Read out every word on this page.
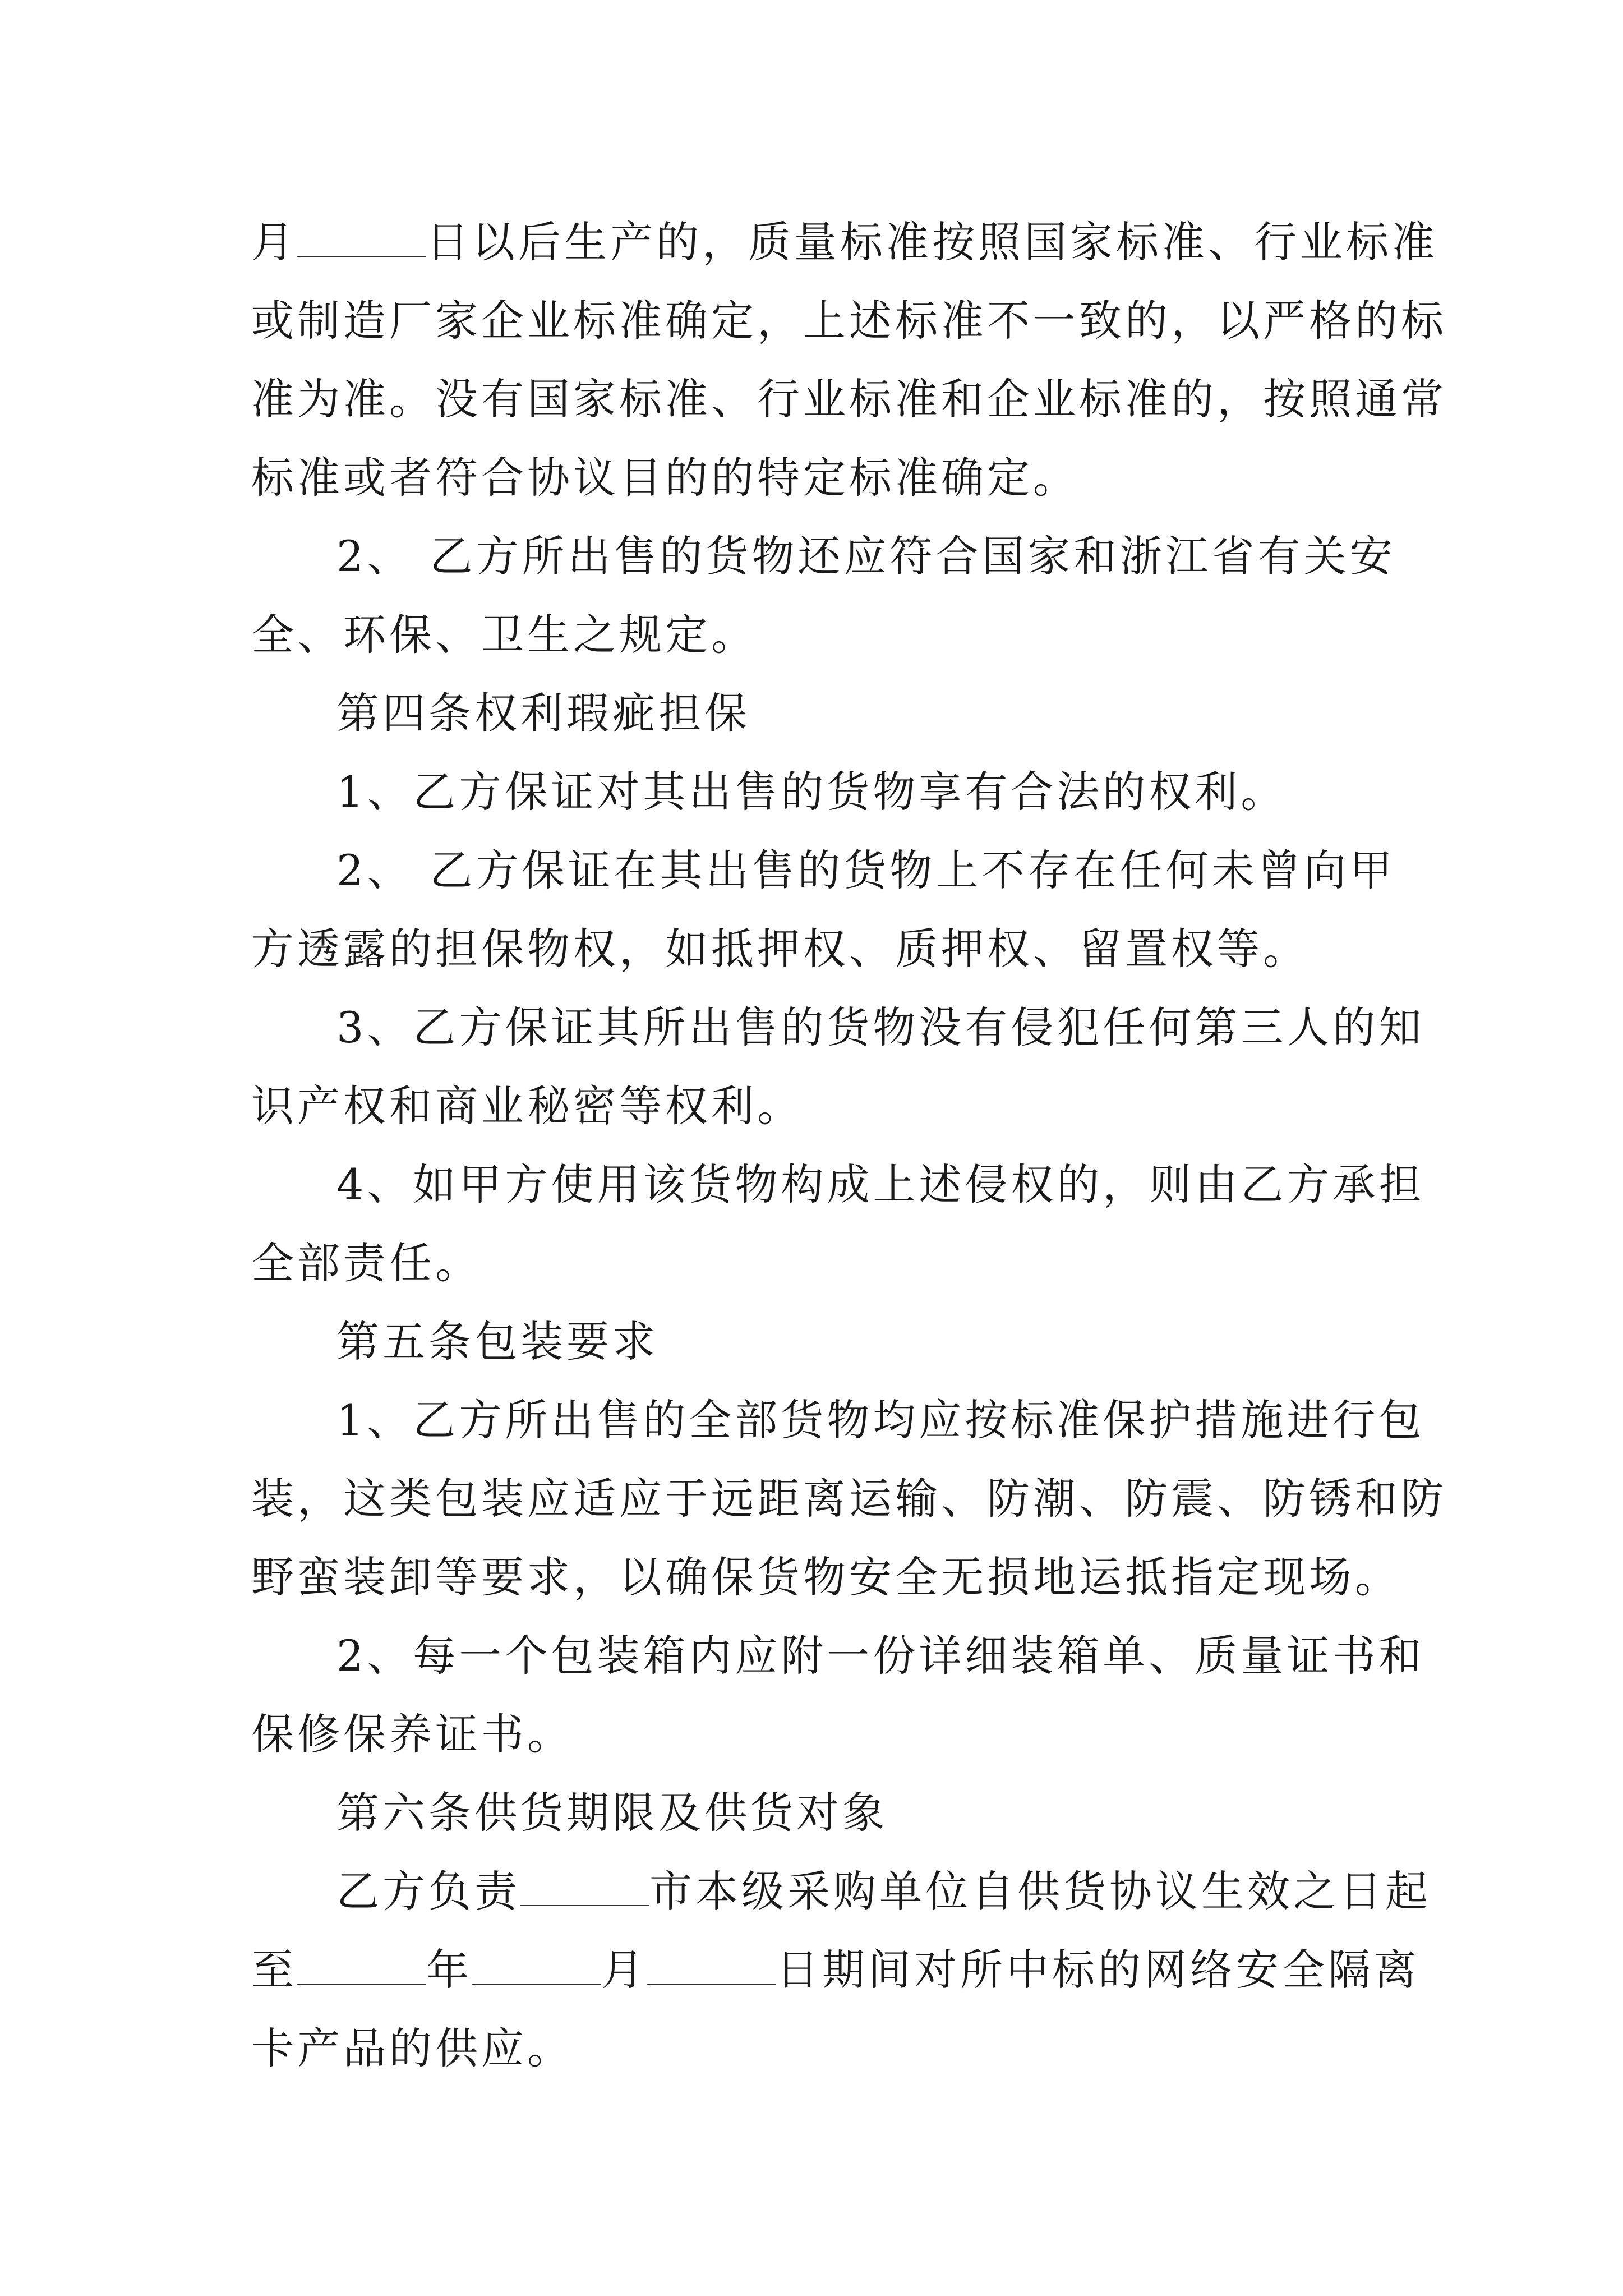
月	日以后生产的，质量标准按照国家标准、行业标准
或制造厂家企业标准确定，上述标准不一致的，以严格的标
准为准。没有国家标准、行业标准和企业标准的，按照通常
标准或者符合协议目的的特定标准确定。
2、 乙方所出售的货物还应符合国家和浙江省有关安
全、环保、卫生之规定。
第四条权利瑕疵担保
1、乙方保证对其出售的货物享有合法的权利。
2、 乙方保证在其出售的货物上不存在任何未曾向甲
方透露的担保物权，如抵押权、质押权、留置权等。
3、乙方保证其所出售的货物没有侵犯任何第三人的知
识产权和商业秘密等权利。
4、如甲方使用该货物构成上述侵权的，则由乙方承担
全部责任。
第五条包装要求
1、乙方所出售的全部货物均应按标准保护措施进行包
装，这类包装应适应于远距离运输、防潮、防震、防锈和防
野蛮装卸等要求，以确保货物安全无损地运抵指定现场。
2、每一个包装箱内应附一份详细装箱单、质量证书和
保修保养证书。
第六条供货期限及供货对象
乙方负责	市本级采购单位自供货协议生效之日起
至	年	月	日期间对所中标的网络安全隔离
卡产品的供应。
